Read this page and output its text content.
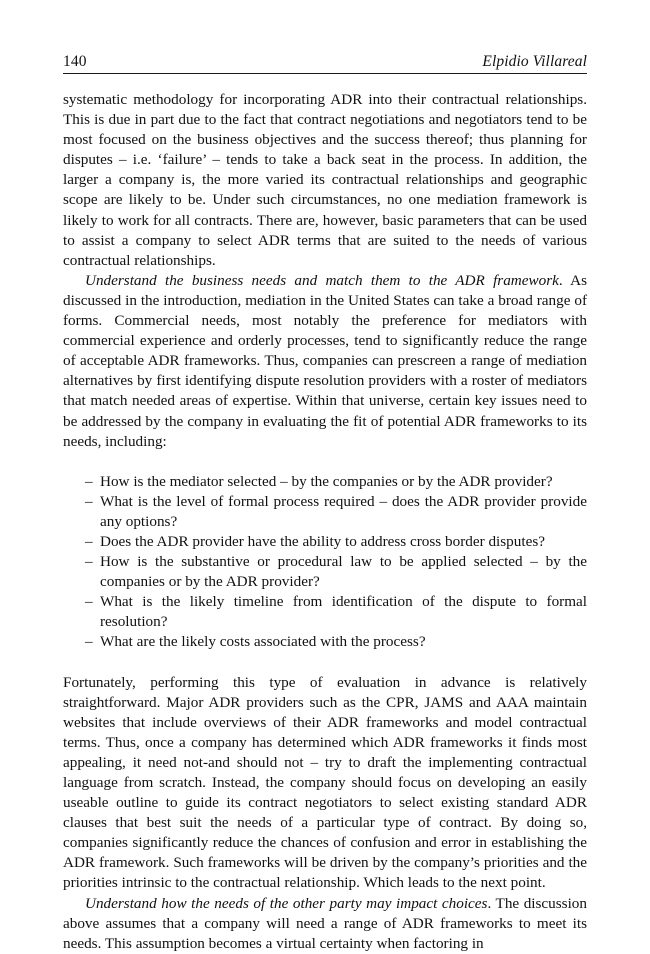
140	Elpidio Villareal

systematic methodology for incorporating ADR into their contractual relationships. This is due in part due to the fact that contract negotiations and negotiators tend to be most focused on the business objectives and the success thereof; thus planning for disputes – i.e. ‘failure’ – tends to take a back seat in the process. In addition, the larger a company is, the more varied its contractual relationships and geographic scope are likely to be. Under such circumstances, no one mediation framework is likely to work for all contracts. There are, however, basic parameters that can be used to assist a company to select ADR terms that are suited to the needs of various contractual relationships.

Understand the business needs and match them to the ADR framework. As discussed in the introduction, mediation in the United States can take a broad range of forms. Commercial needs, most notably the preference for mediators with commercial experience and orderly processes, tend to significantly reduce the range of acceptable ADR frameworks. Thus, companies can prescreen a range of mediation alternatives by first identifying dispute resolution providers with a roster of mediators that match needed areas of expertise. Within that universe, certain key issues need to be addressed by the company in evaluating the fit of potential ADR frameworks to its needs, including:

– How is the mediator selected – by the companies or by the ADR provider?
– What is the level of formal process required – does the ADR provider provide any options?
– Does the ADR provider have the ability to address cross border disputes?
– How is the substantive or procedural law to be applied selected – by the companies or by the ADR provider?
– What is the likely timeline from identification of the dispute to formal resolution?
– What are the likely costs associated with the process?

Fortunately, performing this type of evaluation in advance is relatively straightforward. Major ADR providers such as the CPR, JAMS and AAA maintain websites that include overviews of their ADR frameworks and model contractual terms. Thus, once a company has determined which ADR frameworks it finds most appealing, it need not-and should not – try to draft the implementing contractual language from scratch. Instead, the company should focus on developing an easily useable outline to guide its contract negotiators to select existing standard ADR clauses that best suit the needs of a particular type of contract. By doing so, companies significantly reduce the chances of confusion and error in establishing the ADR framework. Such frameworks will be driven by the company’s priorities and the priorities intrinsic to the contractual relationship. Which leads to the next point.

Understand how the needs of the other party may impact choices. The discussion above assumes that a company will need a range of ADR frameworks to meet its needs. This assumption becomes a virtual certainty when factoring in
